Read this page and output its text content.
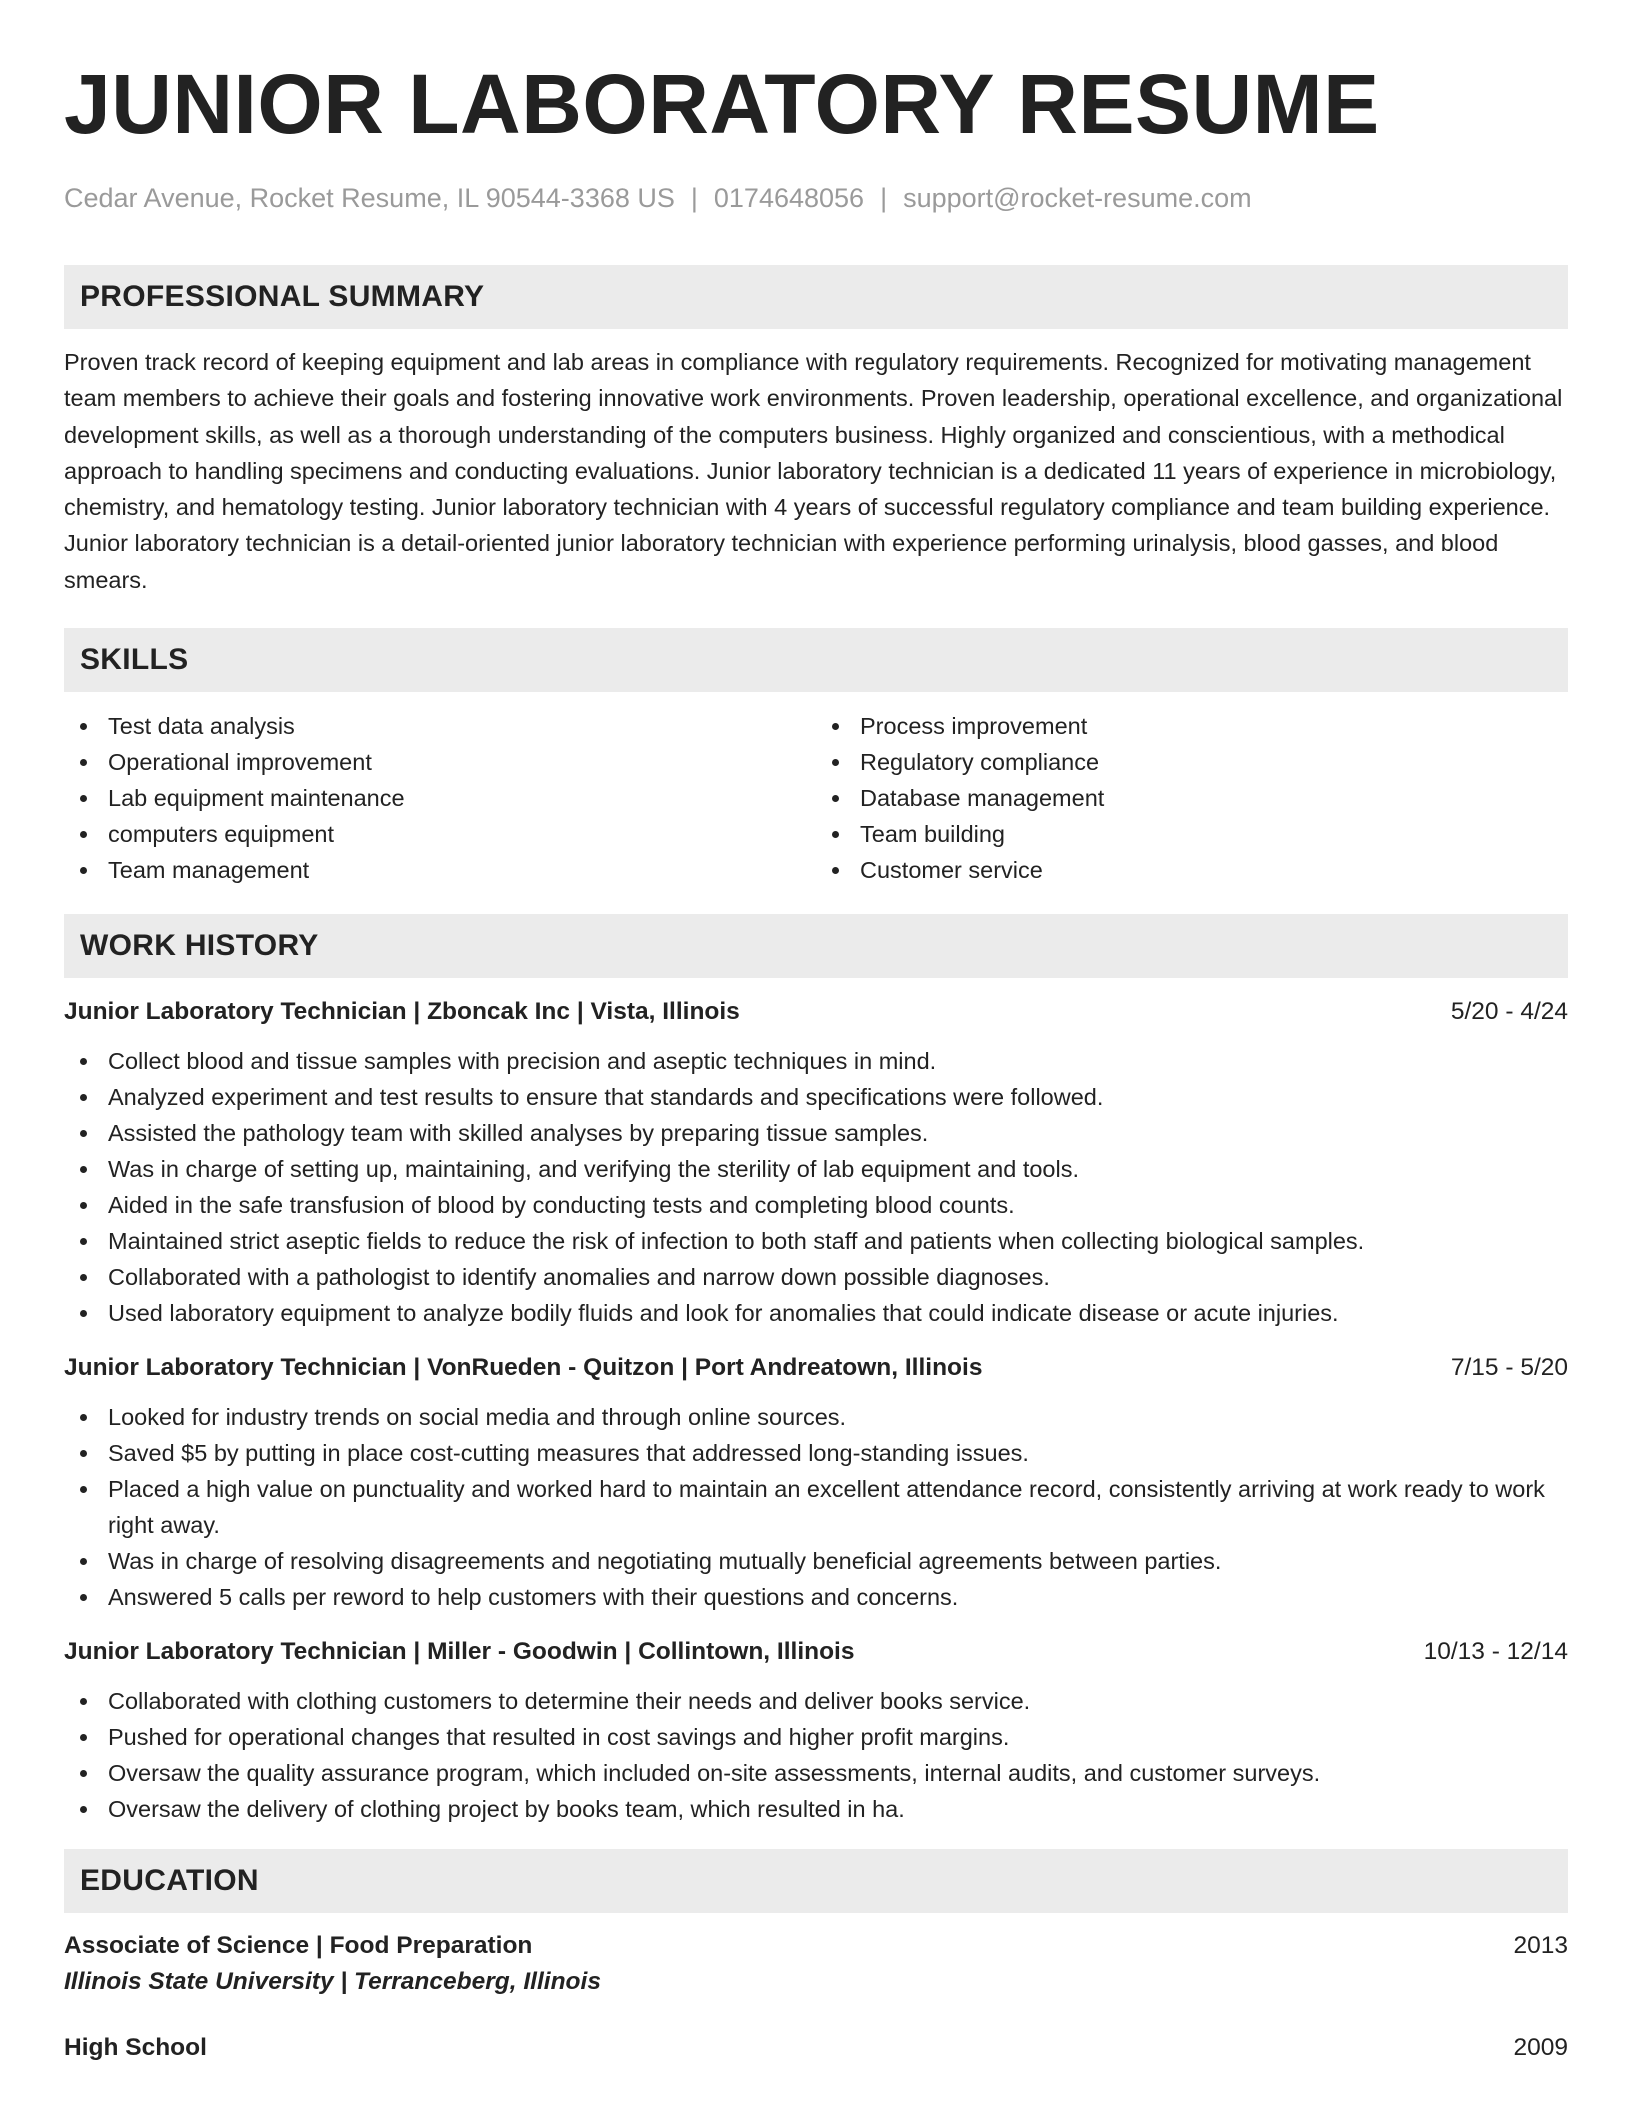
JUNIOR LABORATORY RESUME
Cedar Avenue, Rocket Resume, IL 90544-3368 US | 0174648056 | support@rocket-resume.com
PROFESSIONAL SUMMARY

Proven track record of keeping equipment and lab areas in compliance with regulatory requirements. Recognized for motivating management team members to achieve their goals and fostering innovative work environments. Proven leadership, operational excellence, and organizational development skills, as well as a thorough understanding of the computers business. Highly organized and conscientious, with a methodical approach to handling specimens and conducting evaluations. Junior laboratory technician is a dedicated 11 years of experience in microbiology, chemistry, and hematology testing. Junior laboratory technician with 4 years of successful regulatory compliance and team building experience. Junior laboratory technician is a detail-oriented junior laboratory technician with experience performing urinalysis, blood gasses, and blood smears.

SKILLS
Test data analysis
Operational improvement
Lab equipment maintenance
computers equipment
Team management
Process improvement
Regulatory compliance
Database management
Team building
Customer service
WORK HISTORY
Junior Laboratory Technician | Zboncak Inc | Vista, Illinois	5/20 - 4/24
Collect blood and tissue samples with precision and aseptic techniques in mind.
Analyzed experiment and test results to ensure that standards and specifications were followed.
Assisted the pathology team with skilled analyses by preparing tissue samples.
Was in charge of setting up, maintaining, and verifying the sterility of lab equipment and tools.
Aided in the safe transfusion of blood by conducting tests and completing blood counts.
Maintained strict aseptic fields to reduce the risk of infection to both staff and patients when collecting biological samples.
Collaborated with a pathologist to identify anomalies and narrow down possible diagnoses.
Used laboratory equipment to analyze bodily fluids and look for anomalies that could indicate disease or acute injuries.
Junior Laboratory Technician | VonRueden - Quitzon | Port Andreatown, Illinois	7/15 - 5/20
Looked for industry trends on social media and through online sources.
Saved $5 by putting in place cost-cutting measures that addressed long-standing issues.
Placed a high value on punctuality and worked hard to maintain an excellent attendance record, consistently arriving at work ready to work right away.
Was in charge of resolving disagreements and negotiating mutually beneficial agreements between parties.
Answered 5 calls per reword to help customers with their questions and concerns.
Junior Laboratory Technician | Miller - Goodwin | Collintown, Illinois	10/13 - 12/14
Collaborated with clothing customers to determine their needs and deliver books service.
Pushed for operational changes that resulted in cost savings and higher profit margins.
Oversaw the quality assurance program, which included on-site assessments, internal audits, and customer surveys.
Oversaw the delivery of clothing project by books team, which resulted in ha.
EDUCATION
Associate of Science | Food Preparation	2013
Illinois State University | Terranceberg, Illinois
High School	2009
